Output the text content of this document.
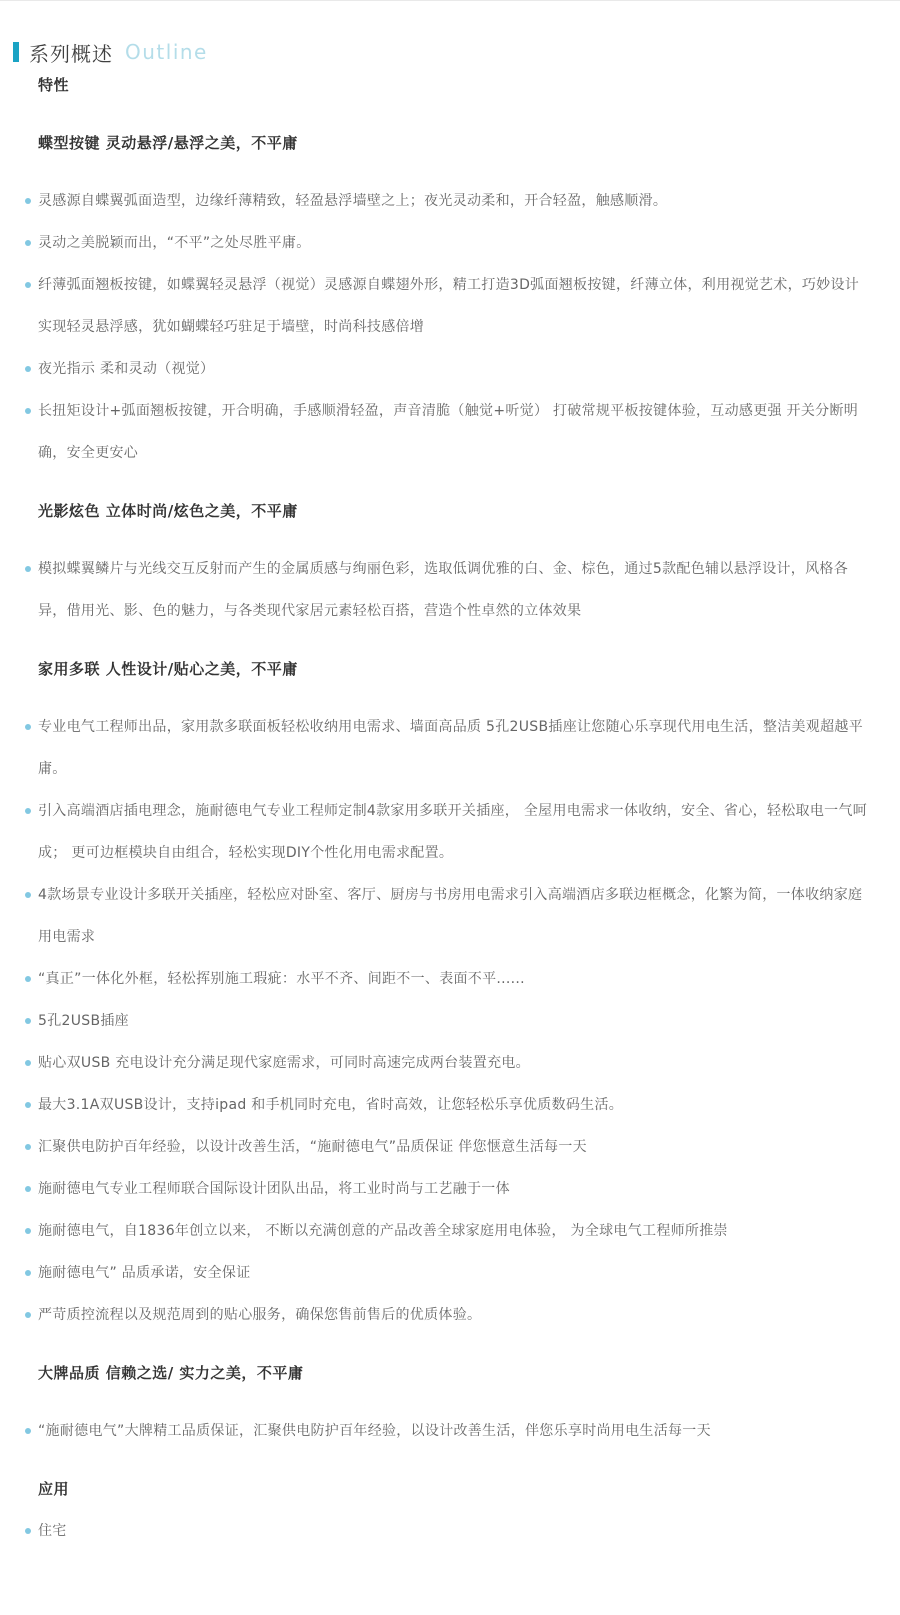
系列概述 Outline
特性
蝶型按键 灵动悬浮/悬浮之美，不平庸
灵感源自蝶翼弧面造型，边缘纤薄精致，轻盈悬浮墙壁之上；夜光灵动柔和，开合轻盈，触感顺滑。
灵动之美脱颖而出，“不平”之处尽胜平庸。
纤薄弧面翘板按键，如蝶翼轻灵悬浮（视觉）灵感源自蝶翅外形，精工打造3D弧面翘板按键，纤薄立体，利用视觉艺术，巧妙设计实现轻灵悬浮感，犹如蝴蝶轻巧驻足于墙壁，时尚科技感倍增
夜光指示 柔和灵动（视觉）
长扭矩设计+弧面翘板按键，开合明确，手感顺滑轻盈，声音清脆（触觉+听觉） 打破常规平板按键体验，互动感更强 开关分断明确，安全更安心
光影炫色 立体时尚/炫色之美，不平庸
模拟蝶翼鳞片与光线交互反射而产生的金属质感与绚丽色彩，选取低调优雅的白、金、棕色，通过5款配色辅以悬浮设计，风格各异，借用光、影、色的魅力，与各类现代家居元素轻松百搭，营造个性卓然的立体效果
家用多联 人性设计/贴心之美，不平庸
专业电气工程师出品，家用款多联面板轻松收纳用电需求、墙面高品质 5孔2USB插座让您随心乐享现代用电生活，整洁美观超越平庸。
引入高端酒店插电理念，施耐德电气专业工程师定制4款家用多联开关插座， 全屋用电需求一体收纳，安全、省心，轻松取电一气呵成； 更可边框模块自由组合，轻松实现DIY个性化用电需求配置。
4款场景专业设计多联开关插座，轻松应对卧室、客厅、厨房与书房用电需求引入高端酒店多联边框概念，化繁为简，一体收纳家庭用电需求
“真正”一体化外框，轻松挥别施工瑕疵：水平不齐、间距不一、表面不平......
5孔2USB插座
贴心双USB 充电设计充分满足现代家庭需求，可同时高速完成两台装置充电。
最大3.1A双USB设计，支持ipad 和手机同时充电，省时高效，让您轻松乐享优质数码生活。
汇聚供电防护百年经验，以设计改善生活，“施耐德电气”品质保证 伴您惬意生活每一天
施耐德电气专业工程师联合国际设计团队出品，将工业时尚与工艺融于一体
施耐德电气，自1836年创立以来， 不断以充满创意的产品改善全球家庭用电体验， 为全球电气工程师所推崇
施耐德电气” 品质承诺，安全保证
严苛质控流程以及规范周到的贴心服务，确保您售前售后的优质体验。
大牌品质 信赖之选/ 实力之美，不平庸
“施耐德电气”大牌精工品质保证，汇聚供电防护百年经验，以设计改善生活，伴您乐享时尚用电生活每一天
应用
住宅
